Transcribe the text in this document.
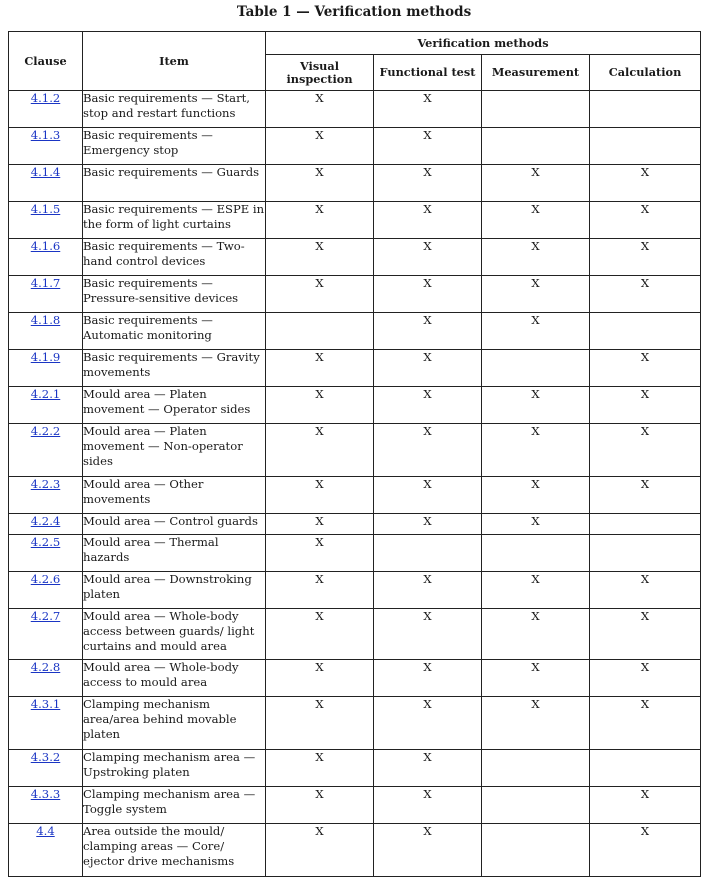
Table 1 — Verification methods
Clause	Item	Verification methods			
		Visual inspection	Functional test	Measurement	Calculation
4.1.2	Basic requirements — Start, stop and restart functions	X	X		
4.1.3	Basic requirements — Emergency stop	X	X		
4.1.4	Basic requirements — Guards	X	X	X	X
4.1.5	Basic requirements — ESPE in the form of light curtains	X	X	X	X
4.1.6	Basic requirements — Two-hand control devices	X	X	X	X
4.1.7	Basic requirements — Pressure-sensitive devices	X	X	X	X
4.1.8	Basic requirements — Automatic monitoring		X	X	
4.1.9	Basic requirements — Gravity movements	X	X		X
4.2.1	Mould area — Platen movement — Operator sides	X	X	X	X
4.2.2	Mould area — Platen movement — Non-operator sides	X	X	X	X
4.2.3	Mould area — Other movements	X	X	X	X
4.2.4	Mould area — Control guards	X	X	X	
4.2.5	Mould area — Thermal hazards	X			
4.2.6	Mould area — Downstroking platen	X	X	X	X
4.2.7	Mould area — Whole-body access between guards/ light curtains and mould area	X	X	X	X
4.2.8	Mould area — Whole-body access to mould area	X	X	X	X
4.3.1	Clamping mechanism area/area behind movable platen	X	X	X	X
4.3.2	Clamping mechanism area — Upstroking platen	X	X		
4.3.3	Clamping mechanism area — Toggle system	X	X		X
4.4	Area outside the mould/ clamping areas — Core/ ejector drive mechanisms	X	X		X
